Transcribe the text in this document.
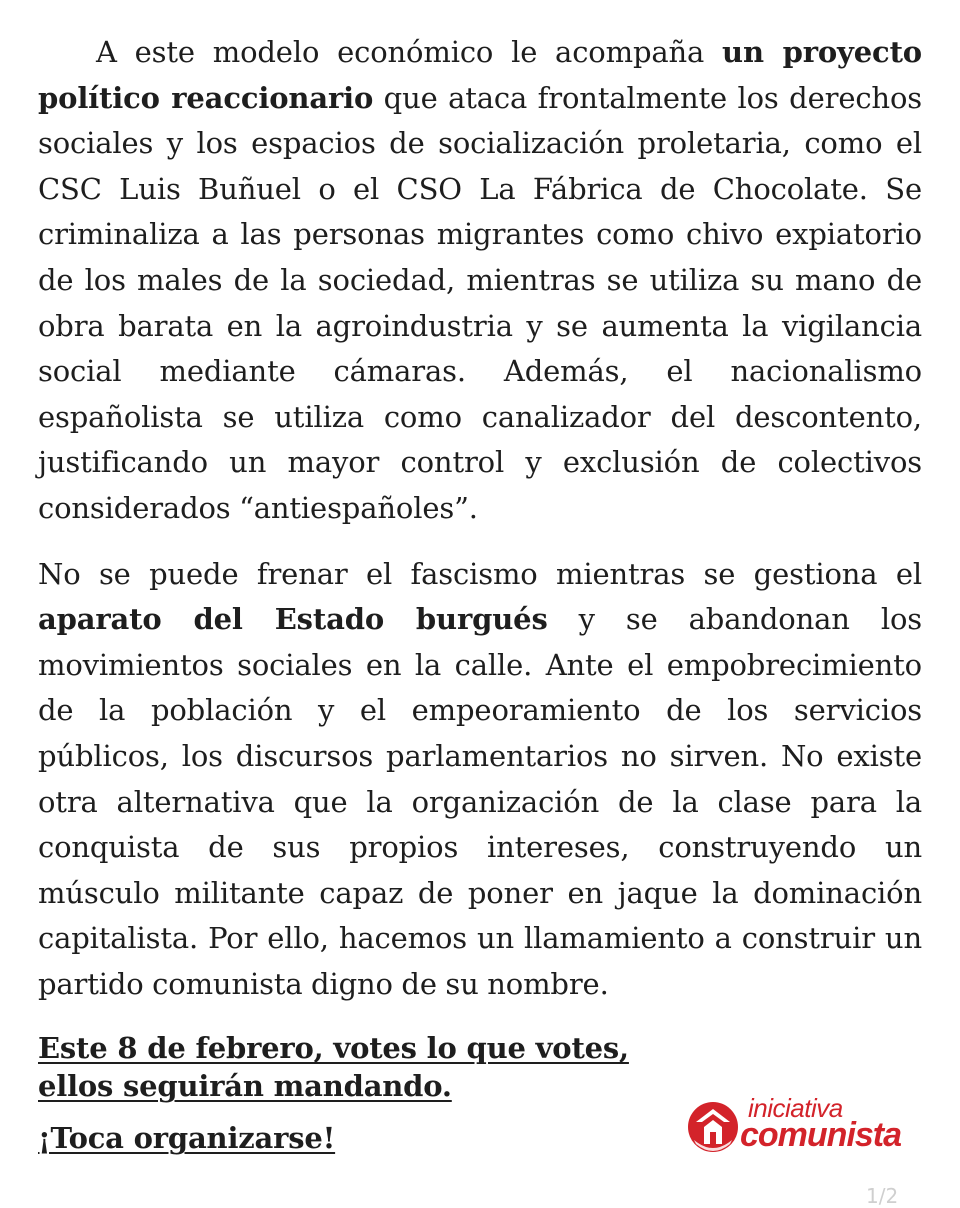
A este modelo económico le acompaña un proyecto político reaccionario que ataca frontalmente los derechos sociales y los espacios de socialización proletaria, como el CSC Luis Buñuel o el CSO La Fábrica de Chocolate. Se criminaliza a las personas migrantes como chivo expiatorio de los males de la sociedad, mientras se utiliza su mano de obra barata en la agroindustria y se aumenta la vigilancia social mediante cámaras. Además, el nacionalismo españolista se utiliza como canalizador del descontento, justificando un mayor control y exclusión de colectivos considerados “antiespañoles”.

No se puede frenar el fascismo mientras se gestiona el aparato del Estado burgués y se abandonan los movimientos sociales en la calle. Ante el empobrecimiento de la población y el empeoramiento de los servicios públicos, los discursos parlamentarios no sirven. No existe otra alternativa que la organización de la clase para la conquista de sus propios intereses, construyendo un músculo militante capaz de poner en jaque la dominación capitalista. Por ello, hacemos un llamamiento a construir un partido comunista digno de su nombre.

Este 8 de febrero, votes lo que votes,
ellos seguirán mandando.
¡Toca organizarse!
iniciativa
comunista
1/2
